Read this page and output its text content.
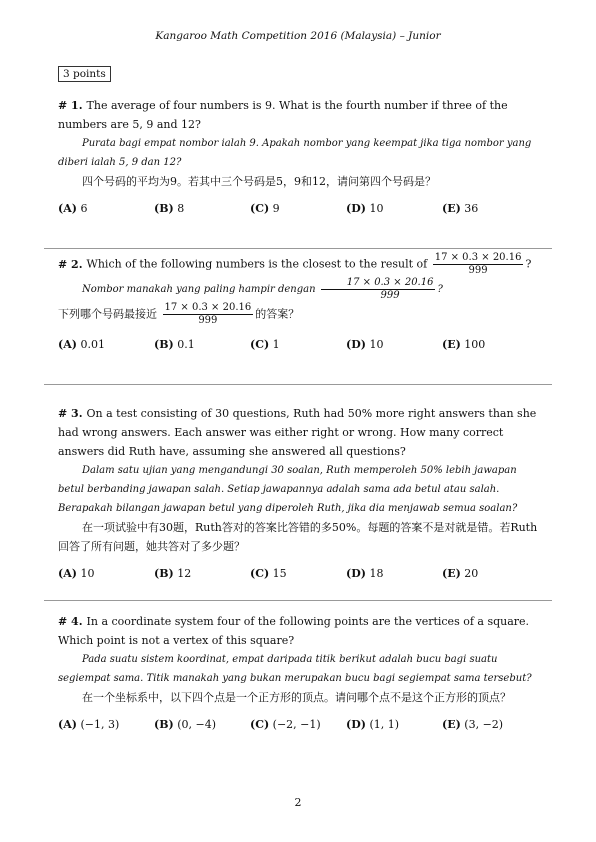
Kangaroo Math Competition 2016 (Malaysia) – Junior
3 points

# 1. The average of four numbers is 9. What is the fourth number if three of the numbers are 5, 9 and 12?

Purata bagi empat nombor ialah 9. Apakah nombor yang keempat jika tiga nombor yang diberi ialah 5, 9 dan 12?

四个号码的平均为9。若其中三个号码是5，9和12，请问第四个号码是？

(A) 6	(B) 8	(C) 9	(D) 10	(E) 36

# 2. Which of the following numbers is the closest to the result of $\frac{17 \times 0.3 \times 20.16}{999}$ ?

Nombor manakah yang paling hampir dengan $\frac{17 \times 0.3 \times 20.16}{999}$ ?

下列哪个号码最接近 $\frac{17 \times 0.3 \times 20.16}{999}$ 的答案？

(A) 0.01	(B) 0.1	(C) 1	(D) 10	(E) 100

# 3. On a test consisting of 30 questions, Ruth had 50% more right answers than she had wrong answers. Each answer was either right or wrong. How many correct answers did Ruth have, assuming she answered all questions?

Dalam satu ujian yang mengandungi 30 soalan, Ruth memperoleh 50% lebih jawapan betul berbanding jawapan salah. Setiap jawapannya adalah sama ada betul atau salah. Berapakah bilangan jawapan betul yang diperoleh Ruth, jika dia menjawab semua soalan?

在一项试验中有30题，Ruth答对的答案比答错的多50%。每题的答案不是对就是错。若Ruth回答了所有问题，她共答对了多少题？

(A) 10	(B) 12	(C) 15	(D) 18	(E) 20

# 4. In a coordinate system four of the following points are the vertices of a square. Which point is not a vertex of this square?

Pada suatu sistem koordinat, empat daripada titik berikut adalah bucu bagi suatu segiempat sama. Titik manakah yang bukan merupakan bucu bagi segiempat sama tersebut?

在一个坐标系中，以下四个点是一个正方形的顶点。请问哪个点不是这个正方形的顶点？

(A) (−1, 3)	(B) (0, −4)	(C) (−2, −1)	(D) (1, 1)	(E) (3, −2)
2
